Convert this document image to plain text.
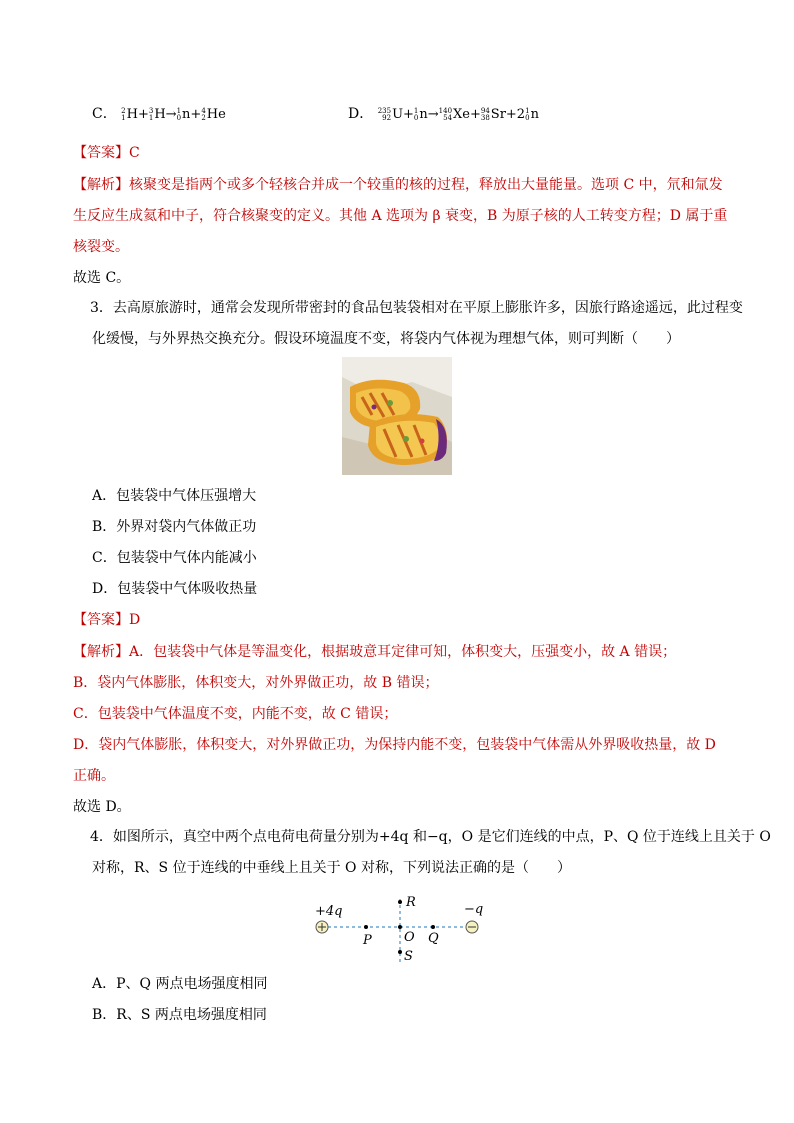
C． 2
1 H+ 3
1 H→ 1
0 n+ 4
2 He	D． 235
92 U+ 1
0 n→ 140
54 Xe+ 94
38 Sr+2 1
0 n
【答案】C
【解析】核聚变是指两个或多个轻核合并成一个较重的核的过程，释放出大量能量。选项 C 中，氘和氚发
生反应生成氦和中子，符合核聚变的定义。其他 A 选项为 β 衰变，B 为原子核的人工转变方程；D 属于重
核裂变。
故选 C。
3．去高原旅游时，通常会发现所带密封的食品包装袋相对在平原上膨胀许多，因旅行路途遥远，此过程变
化缓慢，与外界热交换充分。假设环境温度不变，将袋内气体视为理想气体，则可判断（　　）
A．包装袋中气体压强增大
B．外界对袋内气体做正功
C．包装袋中气体内能减小
D．包装袋中气体吸收热量
【答案】D
【解析】A．包装袋中气体是等温变化，根据玻意耳定律可知，体积变大，压强变小，故 A 错误；
B．袋内气体膨胀，体积变大，对外界做正功，故 B 错误；
C．包装袋中气体温度不变，内能不变，故 C 错误；
D．袋内气体膨胀，体积变大，对外界做正功，为保持内能不变，包装袋中气体需从外界吸收热量，故 D
正确。
故选 D。
4．如图所示，真空中两个点电荷电荷量分别为+4q 和−q，O 是它们连线的中点，P、Q 位于连线上且关于 O
对称，R、S 位于连线的中垂线上且关于 O 对称，下列说法正确的是（　　）
+4q	−q
R
P O Q
S
A．P、Q 两点电场强度相同
B．R、S 两点电场强度相同
